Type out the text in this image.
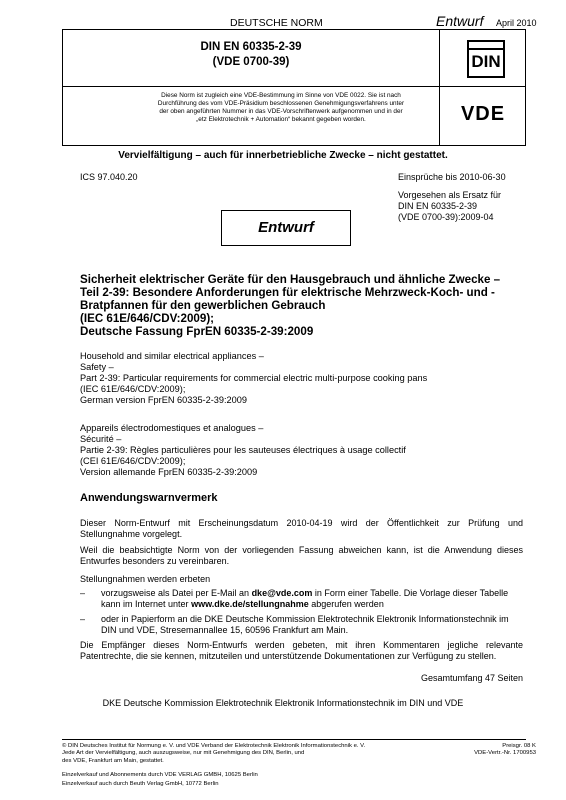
DEUTSCHE NORM	Entwurf April 2010
DIN EN 60335-2-39
(VDE 0700-39)	DIN
Diese Norm ist zugleich eine VDE-Bestimmung im Sinne von VDE 0022. Sie ist nach
Durchführung des vom VDE-Präsidium beschlossenen Genehmigungsverfahrens unter
der oben angeführten Nummer in das VDE-Vorschriftenwerk aufgenommen und in der
„etz Elektrotechnik + Automation“ bekannt gegeben worden.	VDE
Vervielfältigung – auch für innerbetriebliche Zwecke – nicht gestattet.
ICS 97.040.20	Einsprüche bis 2010-06-30
Vorgesehen als Ersatz für
DIN EN 60335-2-39
(VDE 0700-39):2009-04
Entwurf
Sicherheit elektrischer Geräte für den Hausgebrauch und ähnliche Zwecke –
Teil 2-39: Besondere Anforderungen für elektrische Mehrzweck-Koch- und -
Bratpfannen für den gewerblichen Gebrauch
(IEC 61E/646/CDV:2009);
Deutsche Fassung FprEN 60335-2-39:2009
Household and similar electrical appliances –
Safety –
Part 2-39: Particular requirements for commercial electric multi-purpose cooking pans
(IEC 61E/646/CDV:2009);
German version FprEN 60335-2-39:2009
Appareils électrodomestiques et analogues –
Sécurité –
Partie 2-39: Règles particulières pour les sauteuses électriques à usage collectif
(CEI 61E/646/CDV:2009);
Version allemande FprEN 60335-2-39:2009
Anwendungswarnvermerk
Dieser Norm-Entwurf mit Erscheinungsdatum 2010-04-19 wird der Öffentlichkeit zur Prüfung und Stellungnahme vorgelegt.
Weil die beabsichtigte Norm von der vorliegenden Fassung abweichen kann, ist die Anwendung dieses Entwurfes besonders zu vereinbaren.
Stellungnahmen werden erbeten
– vorzugsweise als Datei per E-Mail an dke@vde.com in Form einer Tabelle. Die Vorlage dieser Tabelle kann im Internet unter www.dke.de/stellungnahme abgerufen werden
– oder in Papierform an die DKE Deutsche Kommission Elektrotechnik Elektronik Informationstechnik im DIN und VDE, Stresemannallee 15, 60596 Frankfurt am Main.
Die Empfänger dieses Norm-Entwurfs werden gebeten, mit ihren Kommentaren jegliche relevante Patentrechte, die sie kennen, mitzuteilen und unterstützende Dokumentationen zur Verfügung zu stellen.
Gesamtumfang 47 Seiten
DKE Deutsche Kommission Elektrotechnik Elektronik Informationstechnik im DIN und VDE
© DIN Deutsches Institut für Normung e. V. und VDE Verband der Elektrotechnik Elektronik Informationstechnik e. V.
Jede Art der Vervielfältigung, auch auszugsweise, nur mit Genehmigung des DIN, Berlin, und
des VDE, Frankfurt am Main, gestattet.
Preisgr. 08 K
VDE-Vertr.-Nr. 1700953
Einzelverkauf und Abonnements durch VDE VERLAG GMBH, 10625 Berlin
Einzelverkauf auch durch Beuth Verlag GmbH, 10772 Berlin
